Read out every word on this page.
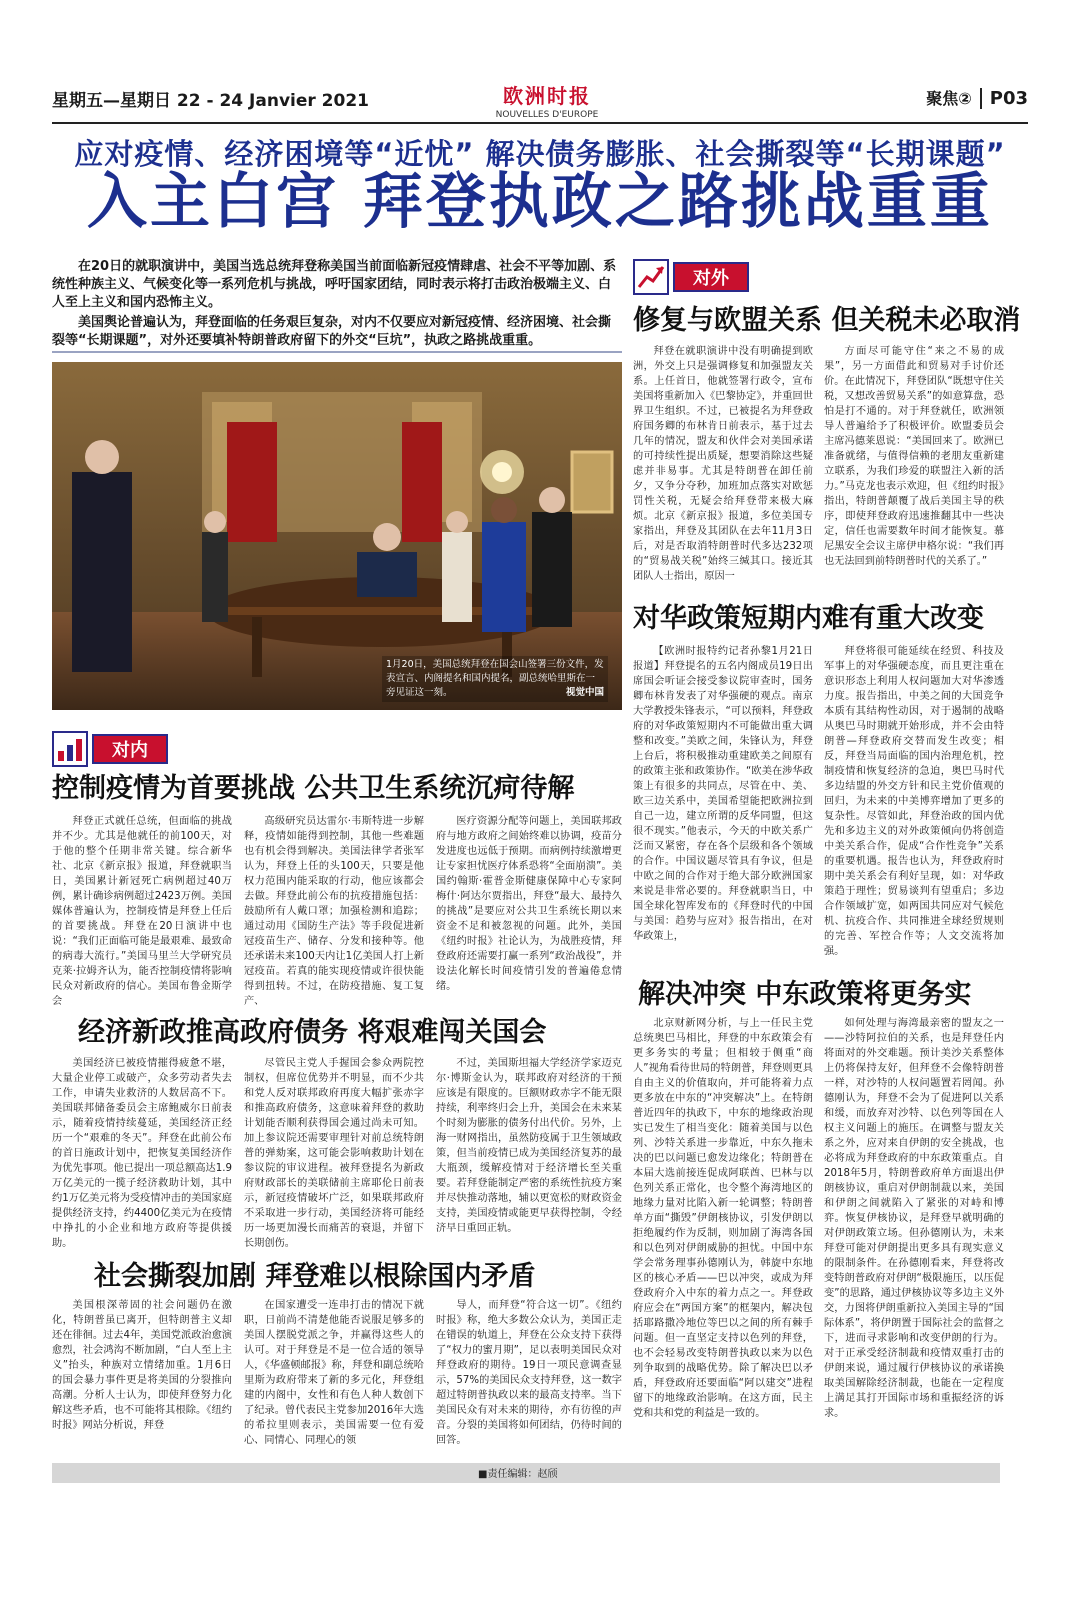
星期五—星期日 22 - 24 Janvier 2021	欧洲时报
NOUVELLES D'EUROPE
聚焦② P03
应对疫情、经济困境等“近忧” 解决债务膨胀、社会撕裂等“长期课题”
入主白宫 拜登执政之路挑战重重

在20日的就职演讲中，美国当选总统拜登称美国当前面临新冠疫情肆虐、社会不平等加剧、系统性种族主义、气候变化等一系列危机与挑战，呼吁国家团结，同时表示将打击政治极端主义、白人至上主义和国内恐怖主义。

美国舆论普遍认为，拜登面临的任务艰巨复杂，对内不仅要应对新冠疫情、经济困境、社会撕裂等“长期课题”，对外还要填补特朗普政府留下的外交“巨坑”，执政之路挑战重重。

1月20日，美国总统拜登在国会山签署三份文件，发表宣言、内阁提名和国内提名，副总统哈里斯在一旁见证这一刻。	视觉中国
对内
对外
控制疫情为首要挑战 公共卫生系统沉疴待解

拜登正式就任总统，但面临的挑战并不少。尤其是他就任的前100天，对于他的整个任期非常关键。综合新华社、北京《新京报》报道，拜登就职当日，美国累计新冠死亡病例超过40万例，累计确诊病例超过2423万例。美国媒体普遍认为，控制疫情是拜登上任后的首要挑战。拜登在20日演讲中也说：“我们正面临可能是最艰难、最致命的病毒大流行。”美国马里兰大学研究员克莱·拉姆齐认为，能否控制疫情将影响民众对新政府的信心。美国布鲁金斯学会

高级研究员达雷尔·韦斯特进一步解释，疫情如能得到控制，其他一些难题也有机会得到解决。美国法律学者张军认为，拜登上任的头100天，只要是他权力范围内能采取的行动，他应该都会去做。拜登此前公布的抗疫措施包括：鼓励所有人戴口罩；加强检测和追踪；通过动用《国防生产法》等手段促进新冠疫苗生产、储存、分发和接种等。他还承诺未来100天内让1亿美国人打上新冠疫苗。若真的能实现疫情或许很快能得到扭转。不过，在防疫措施、复工复产、

医疗资源分配等问题上，美国联邦政府与地方政府之间始终难以协调，疫苗分发进度也远低于预期。而病例持续激增更让专家担忧医疗体系恐将“全面崩溃”。美国约翰斯·霍普金斯健康保障中心专家阿梅什·阿达尔贾指出，拜登“最大、最持久的挑战”是要应对公共卫生系统长期以来资金不足和被忽视的问题。此外，美国《纽约时报》社论认为，为战胜疫情，拜登政府还需要打赢一系列“政治战役”，并设法化解长时间疫情引发的普遍倦怠情绪。

经济新政推高政府债务 将艰难闯关国会

美国经济已被疫情摧得疲惫不堪，大量企业停工或破产，众多劳动者失去工作，申请失业救济的人数居高不下。美国联邦储备委员会主席鲍威尔日前表示，随着疫情持续蔓延，美国经济正经历一个“艰难的冬天”。拜登在此前公布的首日施政计划中，把恢复美国经济作为优先事项。他已提出一项总额高达1.9万亿美元的一揽子经济救助计划，其中约1万亿美元将为受疫情冲击的美国家庭提供经济支持，约4400亿美元为在疫情中挣扎的小企业和地方政府等提供援助。

尽管民主党人手握国会参众两院控制权，但席位优势并不明显，而不少共和党人反对联邦政府再度大幅扩张赤字和推高政府债务，这意味着拜登的救助计划能否顺利获得国会通过尚未可知。加上参议院还需要审理针对前总统特朗普的弹劾案，这可能会影响救助计划在参议院的审议进程。被拜登提名为新政府财政部长的美联储前主席耶伦日前表示，新冠疫情破坏广泛，如果联邦政府不采取进一步行动，美国经济将可能经历一场更加漫长而痛苦的衰退，并留下长期创伤。

不过，美国斯坦福大学经济学家迈克尔·博斯金认为，联邦政府对经济的干预应该是有限度的。巨额财政赤字不能无限持续，利率终归会上升，美国会在未来某个时刻为膨胀的债务付出代价。另外，上海一财网指出，虽然防疫属于卫生领域政策，但当前疫情已成为美国经济复苏的最大瓶颈，缓解疫情对于经济增长至关重要。若拜登能制定严密的系统性抗疫方案并尽快推动落地，辅以更宽松的财政资金支持，美国疫情或能更早获得控制，令经济早日重回正轨。

社会撕裂加剧 拜登难以根除国内矛盾

美国根深蒂固的社会问题仍在激化，特朗普虽已离开，但特朗普主义却还在徘徊。过去4年，美国党派政治愈演愈烈，社会鸿沟不断加剧，“白人至上主义”抬头，种族对立情绪加重。1月6日的国会暴力事件更是将美国的分裂推向高潮。分析人士认为，即使拜登努力化解这些矛盾，也不可能将其根除。《纽约时报》网站分析说，拜登

在国家遭受一连串打击的情况下就职，日前尚不清楚他能否说服足够多的美国人摆脱党派之争，并赢得这些人的认可。对于拜登是不是一位合适的领导人，《华盛顿邮报》称，拜登和副总统哈里斯为政府带来了新的多元化，拜登组建的内阁中，女性和有色人种人数创下了纪录。曾代表民主党参加2016年大选的希拉里则表示，美国需要一位有爱心、同情心、同理心的领

导人，而拜登“符合这一切”。《纽约时报》称，绝大多数公众认为，美国正走在错误的轨道上，拜登在公众支持下获得了“权力的蜜月期”，足以表明美国民众对拜登政府的期待。19日一项民意调查显示，57%的美国民众支持拜登，这一数字超过特朗普执政以来的最高支持率。当下美国民众有对未来的期待，亦有彷徨的声音。分裂的美国将如何团结，仍待时间的回答。

修复与欧盟关系 但关税未必取消

拜登在就职演讲中没有明确提到欧洲，外交上只是强调修复和加强盟友关系。上任首日，他就签署行政令，宣布美国将重新加入《巴黎协定》，并重回世界卫生组织。不过，已被提名为拜登政府国务卿的布林肯日前表示，基于过去几年的情况，盟友和伙伴会对美国承诺的可持续性提出质疑，想要消除这些疑虑并非易事。尤其是特朗普在卸任前夕，又争分夺秒，加班加点落实对欧惩罚性关税，无疑会给拜登带来极大麻烦。北京《新京报》报道，多位美国专家指出，拜登及其团队在去年11月3日后，对是否取消特朗普时代多达232项的“贸易战关税”始终三缄其口。接近其团队人士指出，原因一

方面尽可能守住“来之不易的成果”，另一方面借此和贸易对手讨价还价。在此情况下，拜登团队“既想守住关税，又想改善贸易关系”的如意算盘，恐怕是打不通的。对于拜登就任，欧洲领导人普遍给予了积极评价。欧盟委员会主席冯德莱恩说：“美国回来了。欧洲已准备就绪，与值得信赖的老朋友重新建立联系，为我们珍爱的联盟注入新的活力。”马克龙也表示欢迎，但《纽约时报》指出，特朗普颠覆了战后美国主导的秩序，即使拜登政府迅速推翻其中一些决定，信任也需要数年时间才能恢复。慕尼黑安全会议主席伊申格尔说：“我们再也无法回到前特朗普时代的关系了。”

对华政策短期内难有重大改变

【欧洲时报特约记者孙黎1月21日报道】拜登提名的五名内阁成员19日出席国会听证会接受参议院审查时，国务卿布林肯发表了对华强硬的观点。南京大学教授朱锋表示，“可以预料，拜登政府的对华政策短期内不可能做出重大调整和改变。”美欧之间，朱锋认为，拜登上台后，将积极推动重建欧美之间原有的政策主张和政策协作。“欧美在涉华政策上有很多的共同点，尽管在中、美、欧三边关系中，美国希望能把欧洲拉到自己一边，建立所谓的反华同盟，但这很不现实。”他表示，今天的中欧关系广泛而又紧密，存在各个层级和各个领域的合作。中国议题尽管具有争议，但是中欧之间的合作对于绝大部分欧洲国家来说是非常必要的。拜登就职当日，中国全球化智库发布的《拜登时代的中国与美国：趋势与应对》报告指出，在对华政策上，

拜登将很可能延续在经贸、科技及军事上的对华强硬态度，而且更注重在意识形态上利用人权问题加大对华渗透力度。报告指出，中美之间的大国竞争本质有其结构性动因，对于遏制的战略从奥巴马时期就开始形成，并不会由特朗普—拜登政府交替而发生改变；相反，拜登当局面临的国内治理危机，控制疫情和恢复经济的急迫，奥巴马时代多边结盟的外交方针和民主党价值观的回归，为未来的中美博弈增加了更多的复杂性。尽管如此，拜登治政的国内优先和多边主义的对外政策倾向仍将创造中美关系合作，促成“合作性竞争”关系的重要机遇。报告也认为，拜登政府时期中美关系会有利好呈现，如：对华政策趋于理性；贸易谈判有望重启；多边合作领域扩宽，如两国共同应对气候危机、抗疫合作、共同推进全球经贸规则的完善、军控合作等；人文交流将加强。

解决冲突 中东政策将更务实

北京财新网分析，与上一任民主党总统奥巴马相比，拜登的中东政策会有更多务实的考量；但相较于侧重“商人”视角看待世局的特朗普，拜登则更具自由主义的价值取向，并可能将着力点更多放在中东的“冲突解决”上。在特朗普近四年的执政下，中东的地缘政治现实已发生了相当变化：随着美国与以色列、沙特关系进一步靠近，中东久拖未决的巴以问题已愈发边缘化；特朗普在本届大选前接连促成阿联酋、巴林与以色列关系正常化，也令整个海湾地区的地缘力量对比陷入新一轮调整；特朗普单方面“撕毁”伊朗核协议，引发伊朗以拒绝履约作为反制，则加剧了海湾各国和以色列对伊朗威胁的担忧。中国中东学会常务理事孙德刚认为，韩旋中东地区的核心矛盾——巴以冲突，或成为拜登政府介入中东的着力点之一。拜登政府应会在“两国方案”的框架内，解决包括耶路撒冷地位等巴以之间的所有棘手问题。但一直坚定支持以色列的拜登，也不会轻易改变特朗普执政以来为以色列争取到的战略优势。除了解决巴以矛盾，拜登政府还要面临“阿以建交”进程留下的地缘政治影响。在这方面，民主党和共和党的利益是一致的。

如何处理与海湾最亲密的盟友之一——沙特阿拉伯的关系，也是拜登任内将面对的外交难题。预计美沙关系整体上仍将保持友好，但拜登不会像特朗普一样，对沙特的人权问题置若罔闻。孙德刚认为，拜登不会为了促进阿以关系和缓，而放弃对沙特、以色列等国在人权主义问题上的施压。在调整与盟友关系之外，应对来自伊朗的安全挑战，也必将成为拜登政府的中东政策重点。自2018年5月，特朗普政府单方面退出伊朗核协议，重启对伊朗制裁以来，美国和伊朗之间就陷入了紧张的对峙和博弈。恢复伊核协议，是拜登早就明确的对伊朗政策立场。但孙德刚认为，未来拜登可能对伊朗提出更多具有现实意义的限制条件。在孙德刚看来，拜登将改变特朗普政府对伊朗“极限施压，以压促变”的思路，通过伊核协议等多边主义外交，力图将伊朗重新拉入美国主导的“国际体系”，将伊朗置于国际社会的监督之下，进而寻求影响和改变伊朗的行为。对于正承受经济制裁和疫情双重打击的伊朗来说，通过履行伊核协议的承诺换取美国解除经济制裁，也能在一定程度上满足其打开国际市场和重振经济的诉求。

■责任编辑：赵颀
